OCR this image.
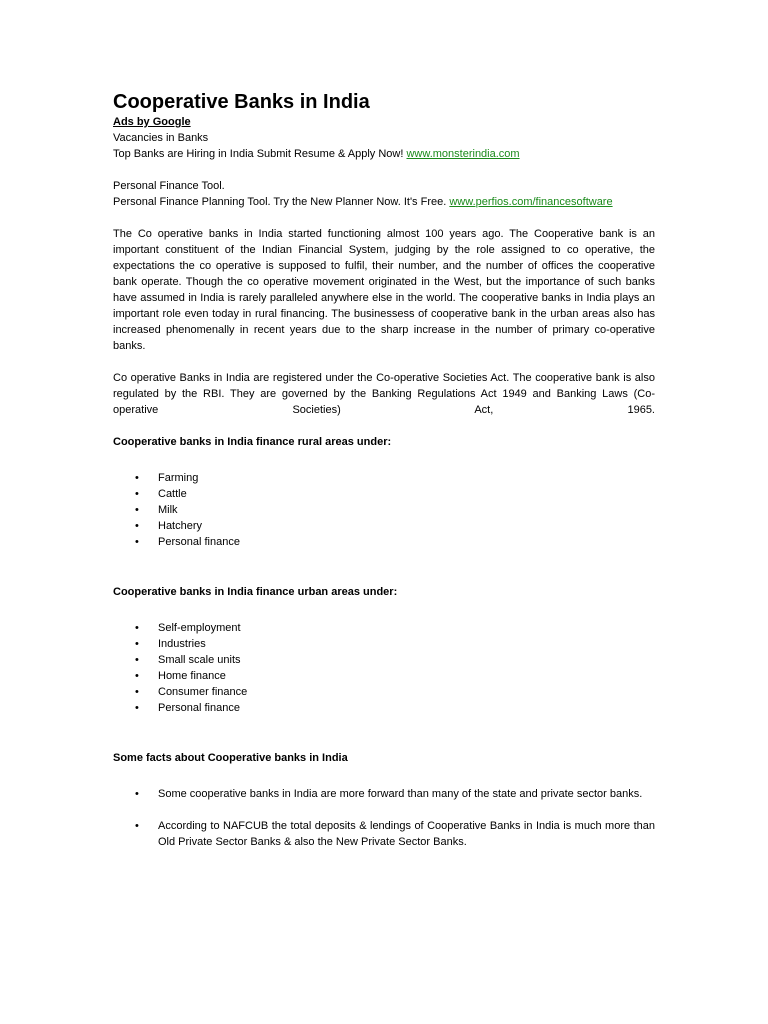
Cooperative Banks in India

Ads by Google

Vacancies in Banks

Top Banks are Hiring in India Submit Resume & Apply Now! www.monsterindia.com

Personal Finance Tool.

Personal Finance Planning Tool. Try the New Planner Now. It's Free. www.perfios.com/financesoftware

The Co operative banks in India started functioning almost 100 years ago. The Cooperative bank is an important constituent of the Indian Financial System, judging by the role assigned to co operative, the expectations the co operative is supposed to fulfil, their number, and the number of offices the cooperative bank operate. Though the co operative movement originated in the West, but the importance of such banks have assumed in India is rarely paralleled anywhere else in the world. The cooperative banks in India plays an important role even today in rural financing. The businessess of cooperative bank in the urban areas also has increased phenomenally in recent years due to the sharp increase in the number of primary co-operative banks.

Co operative Banks in India are registered under the Co-operative Societies Act. The cooperative bank is also regulated by the RBI. They are governed by the Banking Regulations Act 1949 and Banking Laws (Co-operative Societies) Act, 1965.

Cooperative banks in India finance rural areas under:
• Farming
• Cattle
• Milk
• Hatchery
• Personal finance
Cooperative banks in India finance urban areas under:
• Self-employment
• Industries
• Small scale units
• Home finance
• Consumer finance
• Personal finance
Some facts about Cooperative banks in India
• Some cooperative banks in India are more forward than many of the state and private sector banks.
• According to NAFCUB the total deposits & lendings of Cooperative Banks in India is much more than Old Private Sector Banks & also the New Private Sector Banks.
